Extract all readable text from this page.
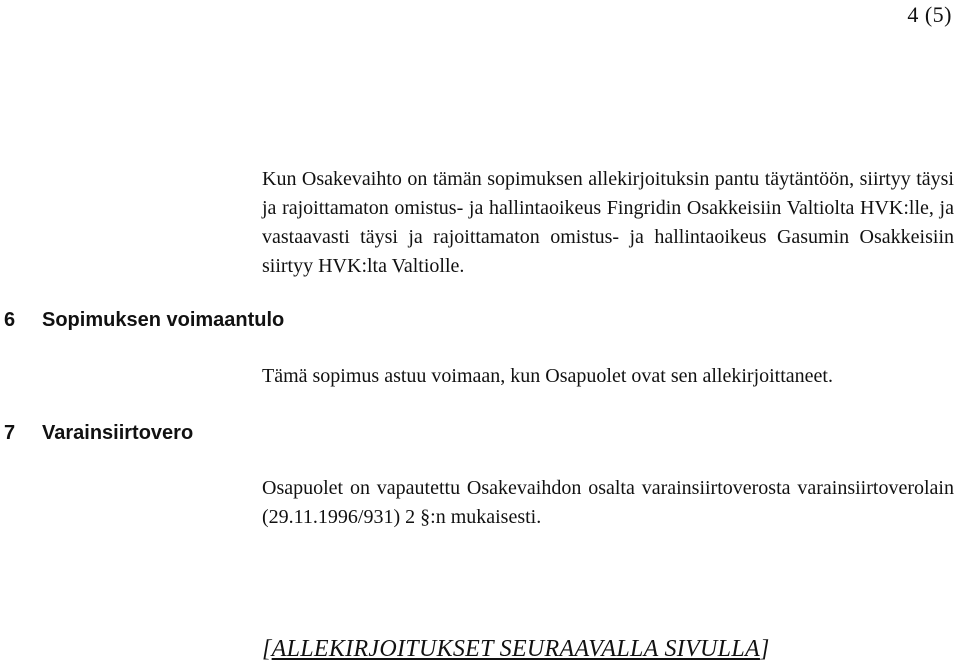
4 (5)

Kun Osakevaihto on tämän sopimuksen allekirjoituksin pantu täytäntöön, siirtyy täysi ja rajoittamaton omistus- ja hallintaoikeus Fingridin Osakkeisiin Valtiolta HVK:lle, ja vastaavasti täysi ja rajoittamaton omistus- ja hallintaoikeus Gasumin Osakkeisiin siirtyy HVK:lta Valtiolle.

6 Sopimuksen voimaantulo

Tämä sopimus astuu voimaan, kun Osapuolet ovat sen allekirjoittaneet.

7 Varainsiirtovero

Osapuolet on vapautettu Osakevaihdon osalta varainsiirtoverosta varainsiirtoverolain (29.11.1996/931) 2 §:n mukaisesti.

[ALLEKIRJOITUKSET SEURAAVALLA SIVULLA]
